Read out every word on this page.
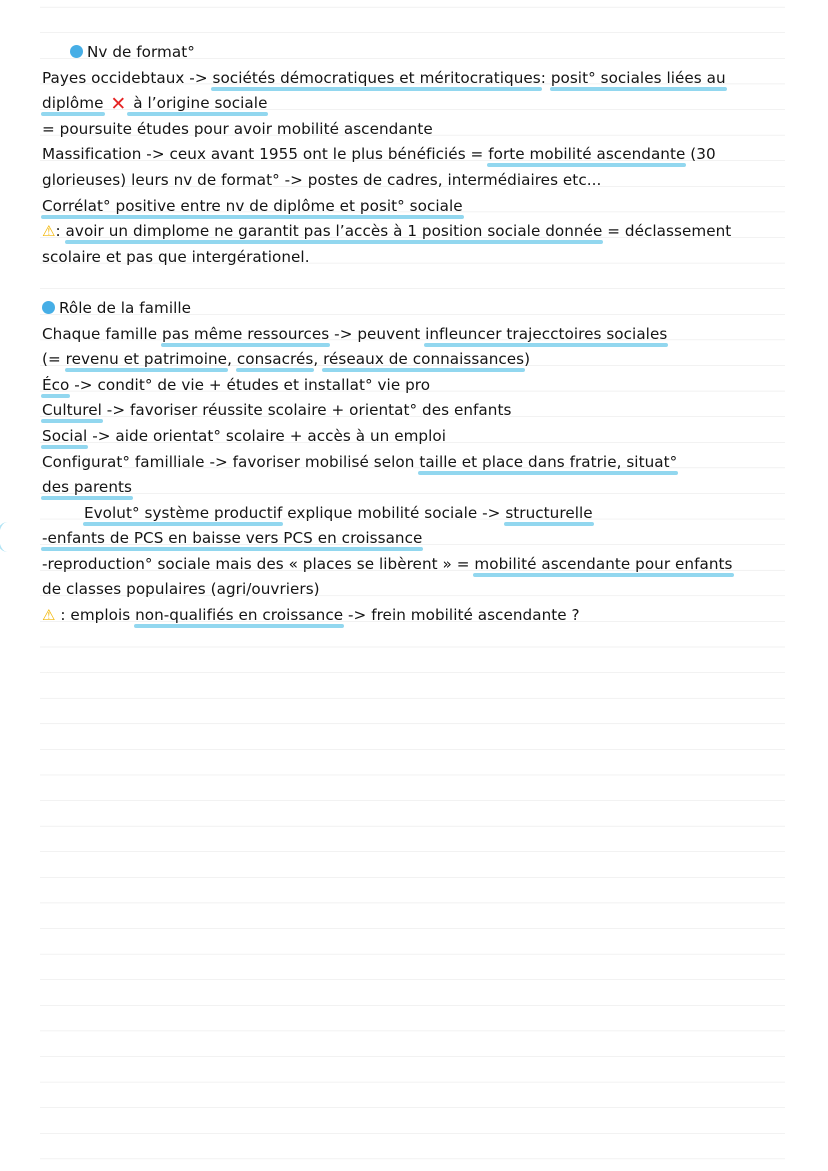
Nv de format°
Payes occidebtaux -> sociétés démocratiques et méritocratiques: posit° sociales liées au
diplôme ✕ à l’origine sociale
= poursuite études pour avoir mobilité ascendante
Massification -> ceux avant 1955 ont le plus bénéficiés = forte mobilité ascendante (30
glorieuses) leurs nv de format° -> postes de cadres, intermédiaires etc...
Corrélat° positive entre nv de diplôme et posit° sociale
⚠: avoir un dimplome ne garantit pas l’accès à 1 position sociale donnée = déclassement
scolaire et pas que intergérationel.
Rôle de la famille
Chaque famille pas même ressources -> peuvent infleuncer trajecctoires sociales
(= revenu et patrimoine, consacrés, réseaux de connaissances)
Éco -> condit° de vie + études et installat° vie pro
Culturel -> favoriser réussite scolaire + orientat° des enfants
Social -> aide orientat° scolaire + accès à un emploi
Configurat° familliale -> favoriser mobilisé selon taille et place dans fratrie, situat°
des parents
Evolut° système productif explique mobilité sociale -> structurelle
-enfants de PCS en baisse vers PCS en croissance
-reproduction° sociale mais des « places se libèrent » = mobilité ascendante pour enfants
de classes populaires (agri/ouvriers)
⚠ : emplois non-qualifiés en croissance -> frein mobilité ascendante ?
